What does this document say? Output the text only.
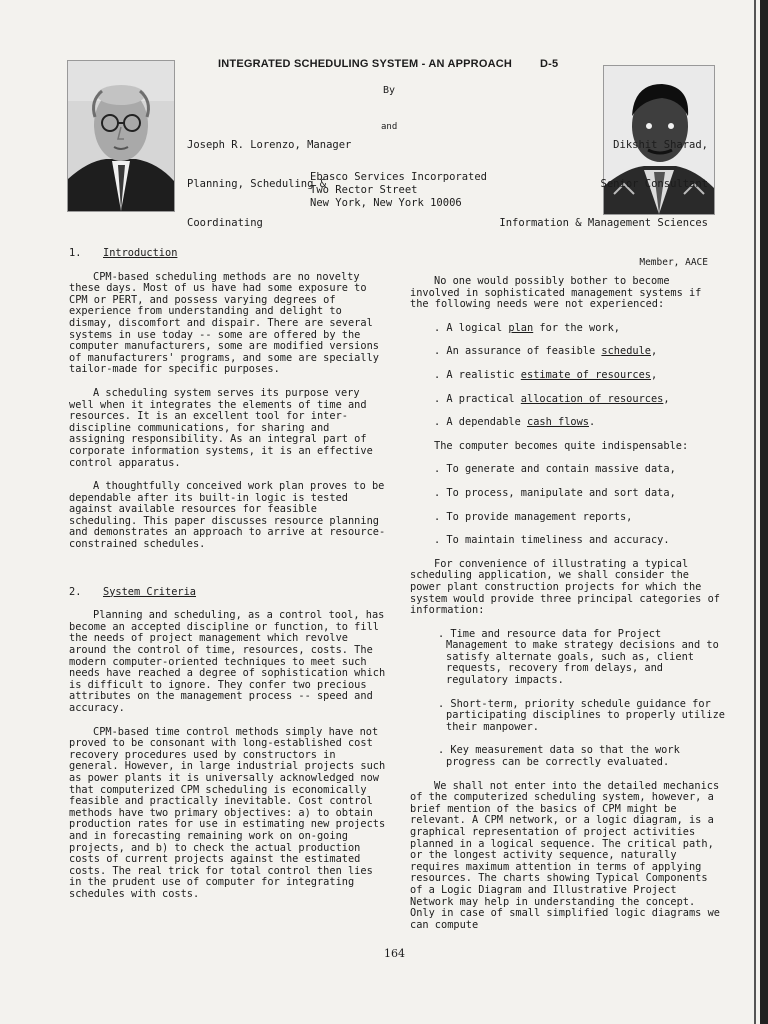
INTEGRATED SCHEDULING SYSTEM - AN APPROACH	D-5
By

Joseph R. Lorenzo, Manager

Planning, Scheduling &

Coordinating

and

Dikshit Sharad,

Senior Consultant

Information & Management Sciences

Member, AACE

Ebasco Services Incorporated
Two Rector Street
New York, New York 10006
1. Introduction

CPM-based scheduling methods are no novelty these days. Most of us have had some exposure to CPM or PERT, and possess varying degrees of experience from understanding and delight to dismay, discomfort and dispair. There are several systems in use today -- some are offered by the computer manufacturers, some are modified versions of manufacturers' programs, and some are specially tailor-made for specific purposes.

A scheduling system serves its purpose very well when it integrates the elements of time and resources. It is an excellent tool for inter-discipline communications, for sharing and assigning responsibility. As an integral part of corporate information systems, it is an effective control apparatus.

A thoughtfully conceived work plan proves to be dependable after its built-in logic is tested against available resources for feasible scheduling. This paper discusses resource planning and demonstrates an approach to arrive at resource-constrained schedules.

2. System Criteria

Planning and scheduling, as a control tool, has become an accepted discipline or function, to fill the needs of project management which revolve around the control of time, resources, costs. The modern computer-oriented techniques to meet such needs have reached a degree of sophistication which is difficult to ignore. They confer two precious attributes on the management process -- speed and accuracy.

CPM-based time control methods simply have not proved to be consonant with long-established cost recovery procedures used by constructors in general. However, in large industrial projects such as power plants it is universally acknowledged now that computerized CPM scheduling is economically feasible and practically inevitable. Cost control methods have two primary objectives: a) to obtain production rates for use in estimating new projects and in forecasting remaining work on on-going projects, and b) to check the actual production costs of current projects against the estimated costs. The real trick for total control then lies in the prudent use of computer for integrating schedules with costs.

No one would possibly bother to become involved in sophisticated management systems if the following needs were not experienced:

. A logical plan for the work,
. An assurance of feasible schedule,
. A realistic estimate of resources,
. A practical allocation of resources,
. A dependable cash flows.

The computer becomes quite indispensable:

. To generate and contain massive data,
. To process, manipulate and sort data,
. To provide management reports,
. To maintain timeliness and accuracy.

For convenience of illustrating a typical scheduling application, we shall consider the power plant construction projects for which the system would provide three principal categories of information:

. Time and resource data for Project Management to make strategy decisions and to satisfy alternate goals, such as, client requests, recovery from delays, and regulatory impacts.
. Short-term, priority schedule guidance for participating disciplines to properly utilize their manpower.
. Key measurement data so that the work progress can be correctly evaluated.

We shall not enter into the detailed mechanics of the computerized scheduling system, however, a brief mention of the basics of CPM might be relevant. A CPM network, or a logic diagram, is a graphical representation of project activities planned in a logical sequence. The critical path, or the longest activity sequence, naturally requires maximum attention in terms of applying resources. The charts showing Typical Components of a Logic Diagram and Illustrative Project Network may help in understanding the concept. Only in case of small simplified logic diagrams we can compute

164
